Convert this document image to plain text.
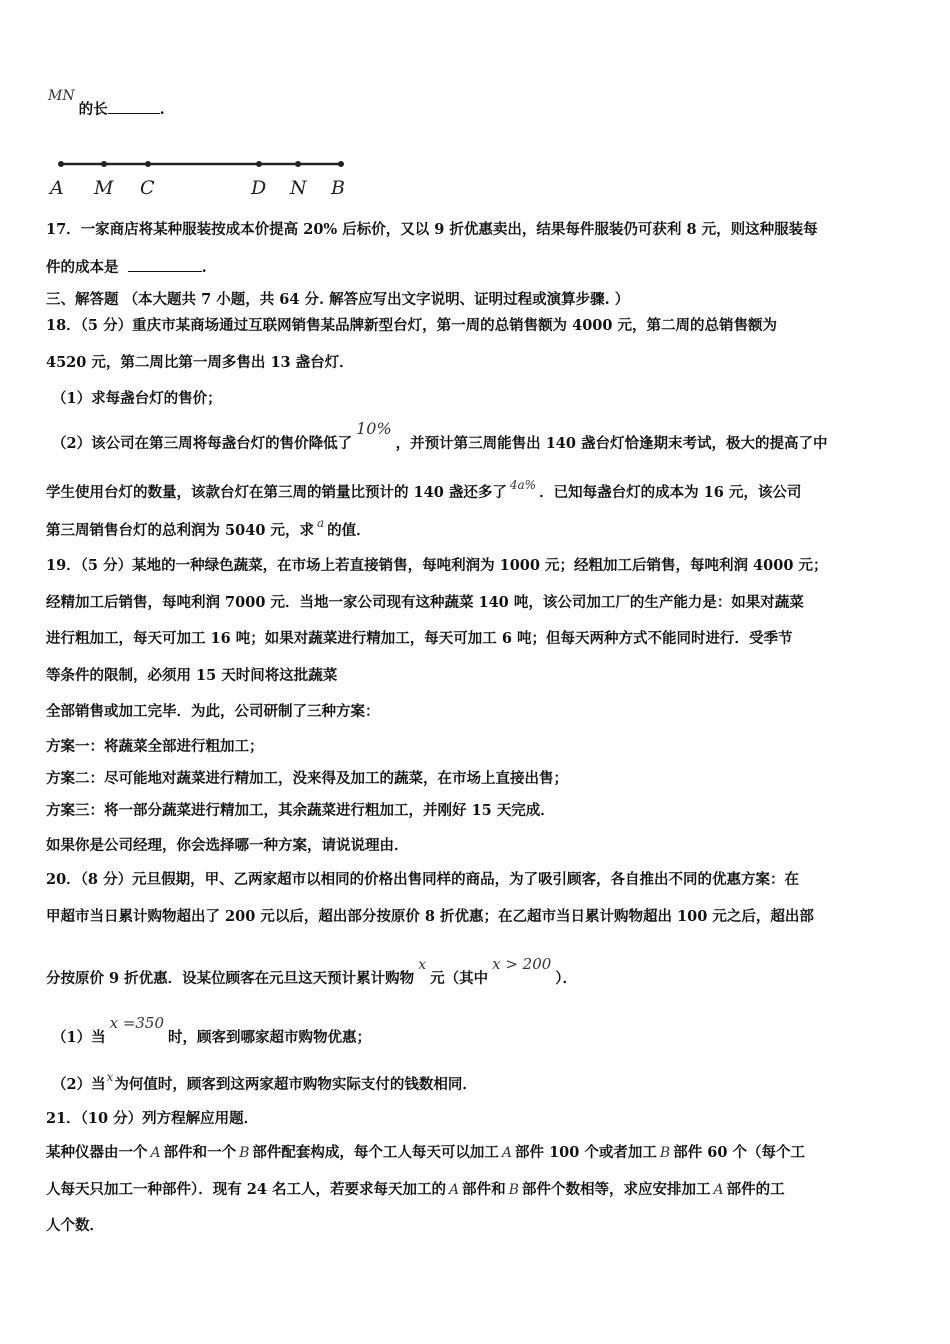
MN的长	.
A M C	D N B
17．一家商店将某种服装按成本价提高 20% 后标价，又以 9 折优惠卖出，结果每件服装仍可获利 8 元，则这种服装每
件的成本是	.
三、解答题 （本大题共 7 小题，共 64 分. 解答应写出文字说明、证明过程或演算步骤. ）
18．（5 分）重庆市某商场通过互联网销售某品牌新型台灯，第一周的总销售额为 4000 元，第二周的总销售额为
4520 元，第二周比第一周多售出 13 盏台灯．
（1）求每盏台灯的售价；
（2）该公司在第三周将每盏台灯的售价降低了10%，并预计第三周能售出 140 盏台灯恰逢期末考试，极大的提高了中
学生使用台灯的数量，该款台灯在第三周的销量比预计的 140 盏还多了 $^{4a\%}$ ．已知每盏台灯的成本为 16 元，该公司
第三周销售台灯的总利润为 5040 元，求 $^a$ 的值．
19．（5 分）某地的一种绿色蔬菜，在市场上若直接销售，每吨利润为 1000 元；经粗加工后销售，每吨利润 4000 元；
经精加工后销售，每吨利润 7000 元．当地一家公司现有这种蔬菜 140 吨，该公司加工厂的生产能力是：如果对蔬菜
进行粗加工，每天可加工 16 吨；如果对蔬菜进行精加工，每天可加工 6 吨；但每天两种方式不能同时进行．受季节
等条件的限制，必须用 15 天时间将这批蔬菜
全部销售或加工完毕．为此，公司研制了三种方案：
方案一：将蔬菜全部进行粗加工；
方案二：尽可能地对蔬菜进行精加工，没来得及加工的蔬菜，在市场上直接出售；
方案三：将一部分蔬菜进行精加工，其余蔬菜进行粗加工，并刚好 15 天完成．
如果你是公司经理，你会选择哪一种方案，请说说理由．
20．（8 分）元旦假期，甲、乙两家超市以相同的价格出售同样的商品，为了吸引顾客，各自推出不同的优惠方案：在
甲超市当日累计购物超出了 200 元以后，超出部分按原价 8 折优惠；在乙超市当日累计购物超出 100 元之后，超出部
分按原价 9 折优惠．设某位顾客在元旦这天预计累计购物x元（其中x > 200）．
（1）当x =350时，顾客到哪家超市购物优惠；
（2）当$^x$为何值时，顾客到这两家超市购物实际支付的钱数相同．
21．（10 分）列方程解应用题．
某种仪器由一个 A 部件和一个 B 部件配套构成，每个工人每天可以加工 A 部件 100 个或者加工 B 部件 60 个（每个工
人每天只加工一种部件）．现有 24 名工人，若要求每天加工的 A 部件和 B 部件个数相等，求应安排加工 A 部件的工
人个数．
